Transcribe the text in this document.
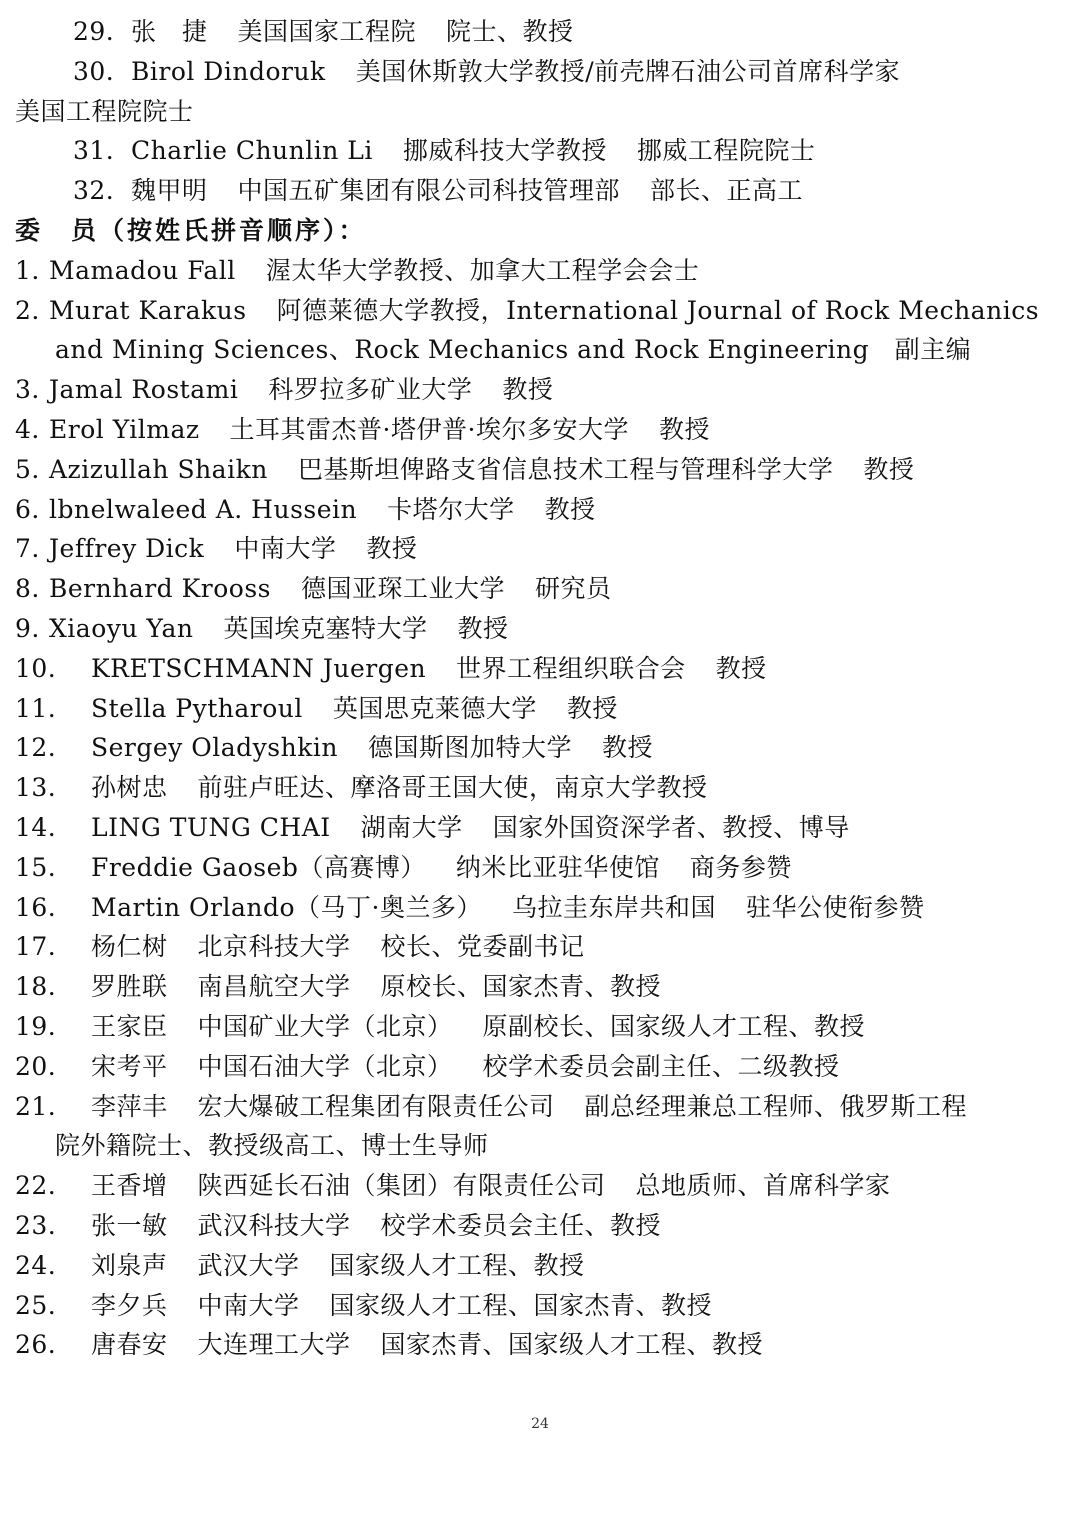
29. 张　捷 美国国家工程院 院士、教授
30. Birol Dindoruk 美国休斯敦大学教授/前壳牌石油公司首席科学家
美国工程院院士
31. Charlie Chunlin Li 挪威科技大学教授 挪威工程院院士
32. 魏甲明 中国五矿集团有限公司科技管理部 部长、正高工
委　员（按姓氏拼音顺序）：
1. Mamadou Fall 渥太华大学教授、加拿大工程学会会士
2. Murat Karakus 阿德莱德大学教授，International Journal of Rock Mechanics
and Mining Sciences、Rock Mechanics and Rock Engineering　副主编
3. Jamal Rostami 科罗拉多矿业大学 教授
4. Erol Yilmaz 土耳其雷杰普·塔伊普·埃尔多安大学 教授
5. Azizullah Shaikn 巴基斯坦俾路支省信息技术工程与管理科学大学 教授
6. lbnelwaleed A. Hussein 卡塔尔大学 教授
7. Jeffrey Dick 中南大学 教授
8. Bernhard Krooss 德国亚琛工业大学 研究员
9. Xiaoyu Yan 英国埃克塞特大学 教授
10. KRETSCHMANN Juergen 世界工程组织联合会 教授
11. Stella Pytharoul 英国思克莱德大学 教授
12. Sergey Oladyshkin 德国斯图加特大学 教授
13. 孙树忠 前驻卢旺达、摩洛哥王国大使，南京大学教授
14. LING TUNG CHAI 湖南大学 国家外国资深学者、教授、博导
15. Freddie Gaoseb（高赛博） 纳米比亚驻华使馆 商务参赞
16. Martin Orlando（马丁·奥兰多） 乌拉圭东岸共和国 驻华公使衔参赞
17. 杨仁树 北京科技大学 校长、党委副书记
18. 罗胜联 南昌航空大学 原校长、国家杰青、教授
19. 王家臣 中国矿业大学（北京） 原副校长、国家级人才工程、教授
20. 宋考平 中国石油大学（北京） 校学术委员会副主任、二级教授
21. 李萍丰 宏大爆破工程集团有限责任公司 副总经理兼总工程师、俄罗斯工程
院外籍院士、教授级高工、博士生导师
22. 王香增 陕西延长石油（集团）有限责任公司 总地质师、首席科学家
23. 张一敏 武汉科技大学 校学术委员会主任、教授
24. 刘泉声 武汉大学 国家级人才工程、教授
25. 李夕兵 中南大学 国家级人才工程、国家杰青、教授
26. 唐春安 大连理工大学 国家杰青、国家级人才工程、教授
24
